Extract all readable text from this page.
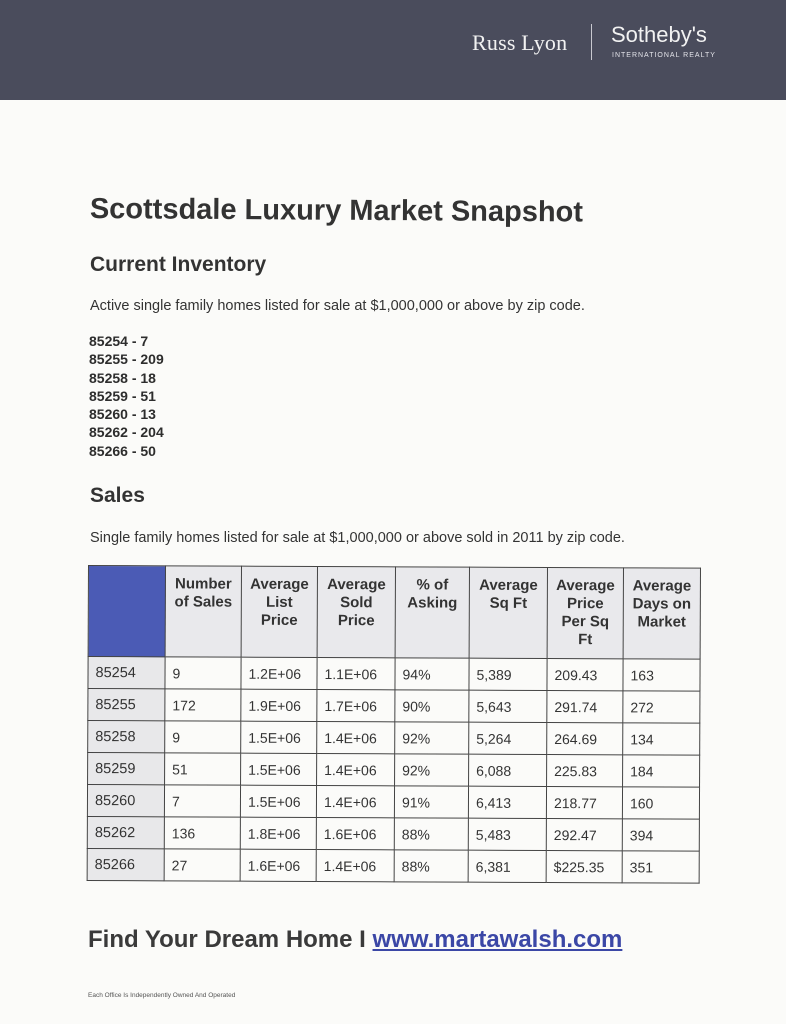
Russ Lyon Sotheby's
INTERNATIONAL REALTY
Scottsdale Luxury Market Snapshot
Current Inventory
Active single family homes listed for sale at $1,000,000 or above by zip code.
85254 - 7
85255 - 209
85258 - 18
85259 - 51
85260 - 13
85262 - 204
85266 - 50
Sales
Single family homes listed for sale at $1,000,000 or above sold in 2011 by zip code.
	Number of Sales	Average List Price	Average Sold Price	% of Asking	Average Sq Ft	Average Price Per Sq Ft	Average Days on Market
85254	9	1.2E+06	1.1E+06	94%	5,389	209.43	163
85255	172	1.9E+06	1.7E+06	90%	5,643	291.74	272
85258	9	1.5E+06	1.4E+06	92%	5,264	264.69	134
85259	51	1.5E+06	1.4E+06	92%	6,088	225.83	184
85260	7	1.5E+06	1.4E+06	91%	6,413	218.77	160
85262	136	1.8E+06	1.6E+06	88%	5,483	292.47	394
85266	27	1.6E+06	1.4E+06	88%	6,381	$225.35	351
Find Your Dream Home I www.martawalsh.com
Each Office Is Independently Owned And Operated
